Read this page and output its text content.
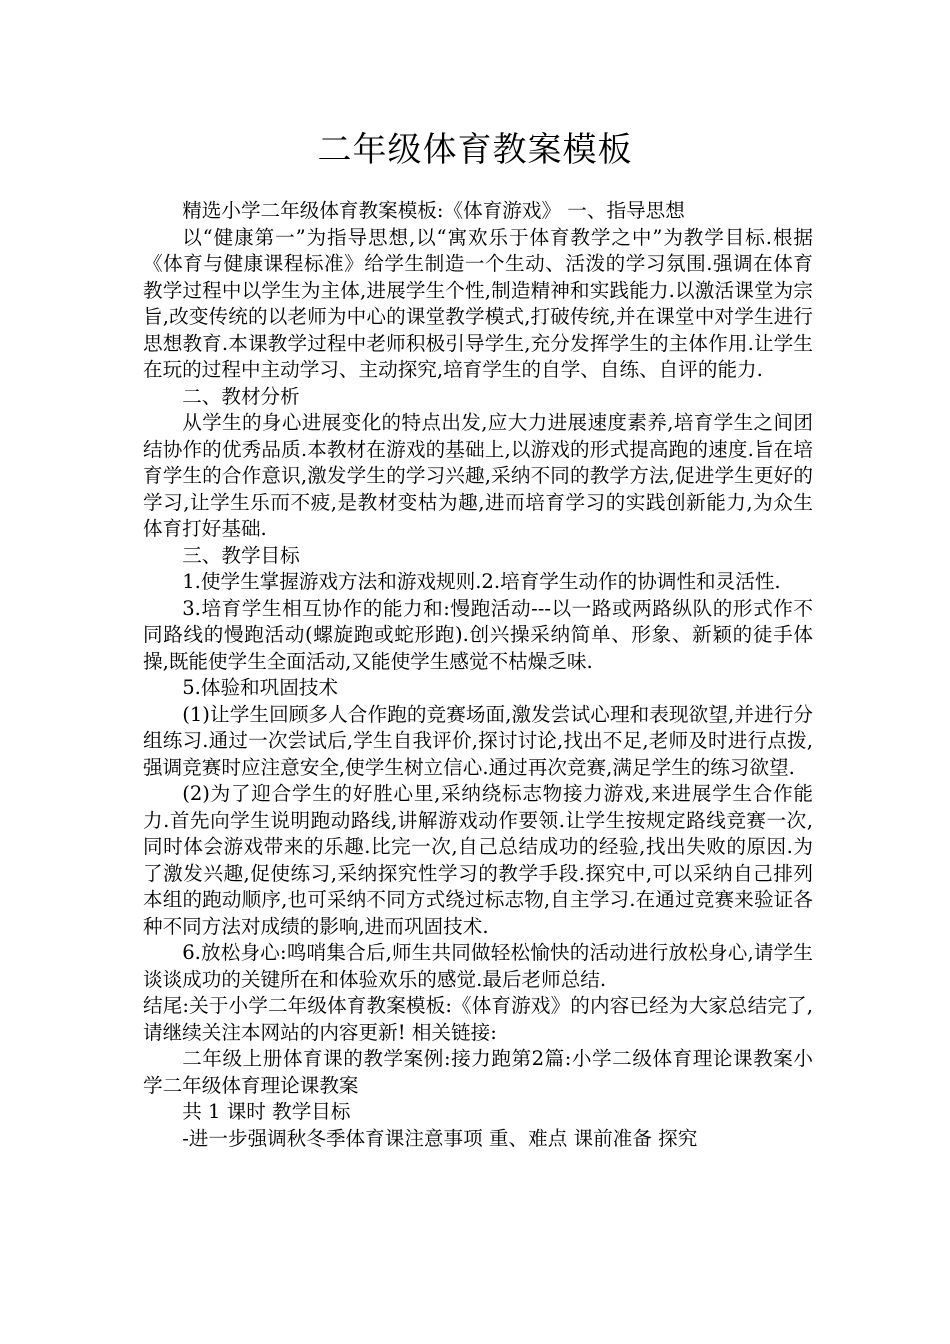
二年级体育教案模板

精选小学二年级体育教案模板:《体育游戏》 一、指导思想

以“健康第一”为指导思想,以“寓欢乐于体育教学之中”为教学目标.根据《体育与健康课程标准》给学生制造一个生动、活泼的学习氛围.强调在体育教学过程中以学生为主体,进展学生个性,制造精神和实践能力.以激活课堂为宗旨,改变传统的以老师为中心的课堂教学模式,打破传统,并在课堂中对学生进行思想教育.本课教学过程中老师积极引导学生,充分发挥学生的主体作用.让学生在玩的过程中主动学习、主动探究,培育学生的自学、自练、自评的能力.

二、教材分析

从学生的身心进展变化的特点出发,应大力进展速度素养,培育学生之间团结协作的优秀品质.本教材在游戏的基础上,以游戏的形式提高跑的速度.旨在培育学生的合作意识,激发学生的学习兴趣,采纳不同的教学方法,促进学生更好的学习,让学生乐而不疲,是教材变枯为趣,进而培育学习的实践创新能力,为众生体育打好基础.

三、教学目标

1.使学生掌握游戏方法和游戏规则.2.培育学生动作的协调性和灵活性.

3.培育学生相互协作的能力和:慢跑活动---以一路或两路纵队的形式作不同路线的慢跑活动(螺旋跑或蛇形跑).创兴操采纳简单、形象、新颖的徒手体操,既能使学生全面活动,又能使学生感觉不枯燥乏味.

5.体验和巩固技术

(1)让学生回顾多人合作跑的竞赛场面,激发尝试心理和表现欲望,并进行分组练习.通过一次尝试后,学生自我评价,探讨讨论,找出不足,老师及时进行点拨,强调竞赛时应注意安全,使学生树立信心.通过再次竞赛,满足学生的练习欲望.

(2)为了迎合学生的好胜心里,采纳绕标志物接力游戏,来进展学生合作能力.首先向学生说明跑动路线,讲解游戏动作要领.让学生按规定路线竞赛一次,同时体会游戏带来的乐趣.比完一次,自己总结成功的经验,找出失败的原因.为了激发兴趣,促使练习,采纳探究性学习的教学手段.探究中,可以采纳自己排列本组的跑动顺序,也可采纳不同方式绕过标志物,自主学习.在通过竞赛来验证各种不同方法对成绩的影响,进而巩固技术.

6.放松身心:鸣哨集合后,师生共同做轻松愉快的活动进行放松身心,请学生谈谈成功的关键所在和体验欢乐的感觉.最后老师总结.

结尾:关于小学二年级体育教案模板:《体育游戏》的内容已经为大家总结完了,请继续关注本网站的内容更新! 相关链接:

二年级上册体育课的教学案例:接力跑第2篇:小学二级体育理论课教案小学二年级体育理论课教案

共 1 课时 教学目标

-进一步强调秋冬季体育课注意事项 重、难点 课前准备 探究
